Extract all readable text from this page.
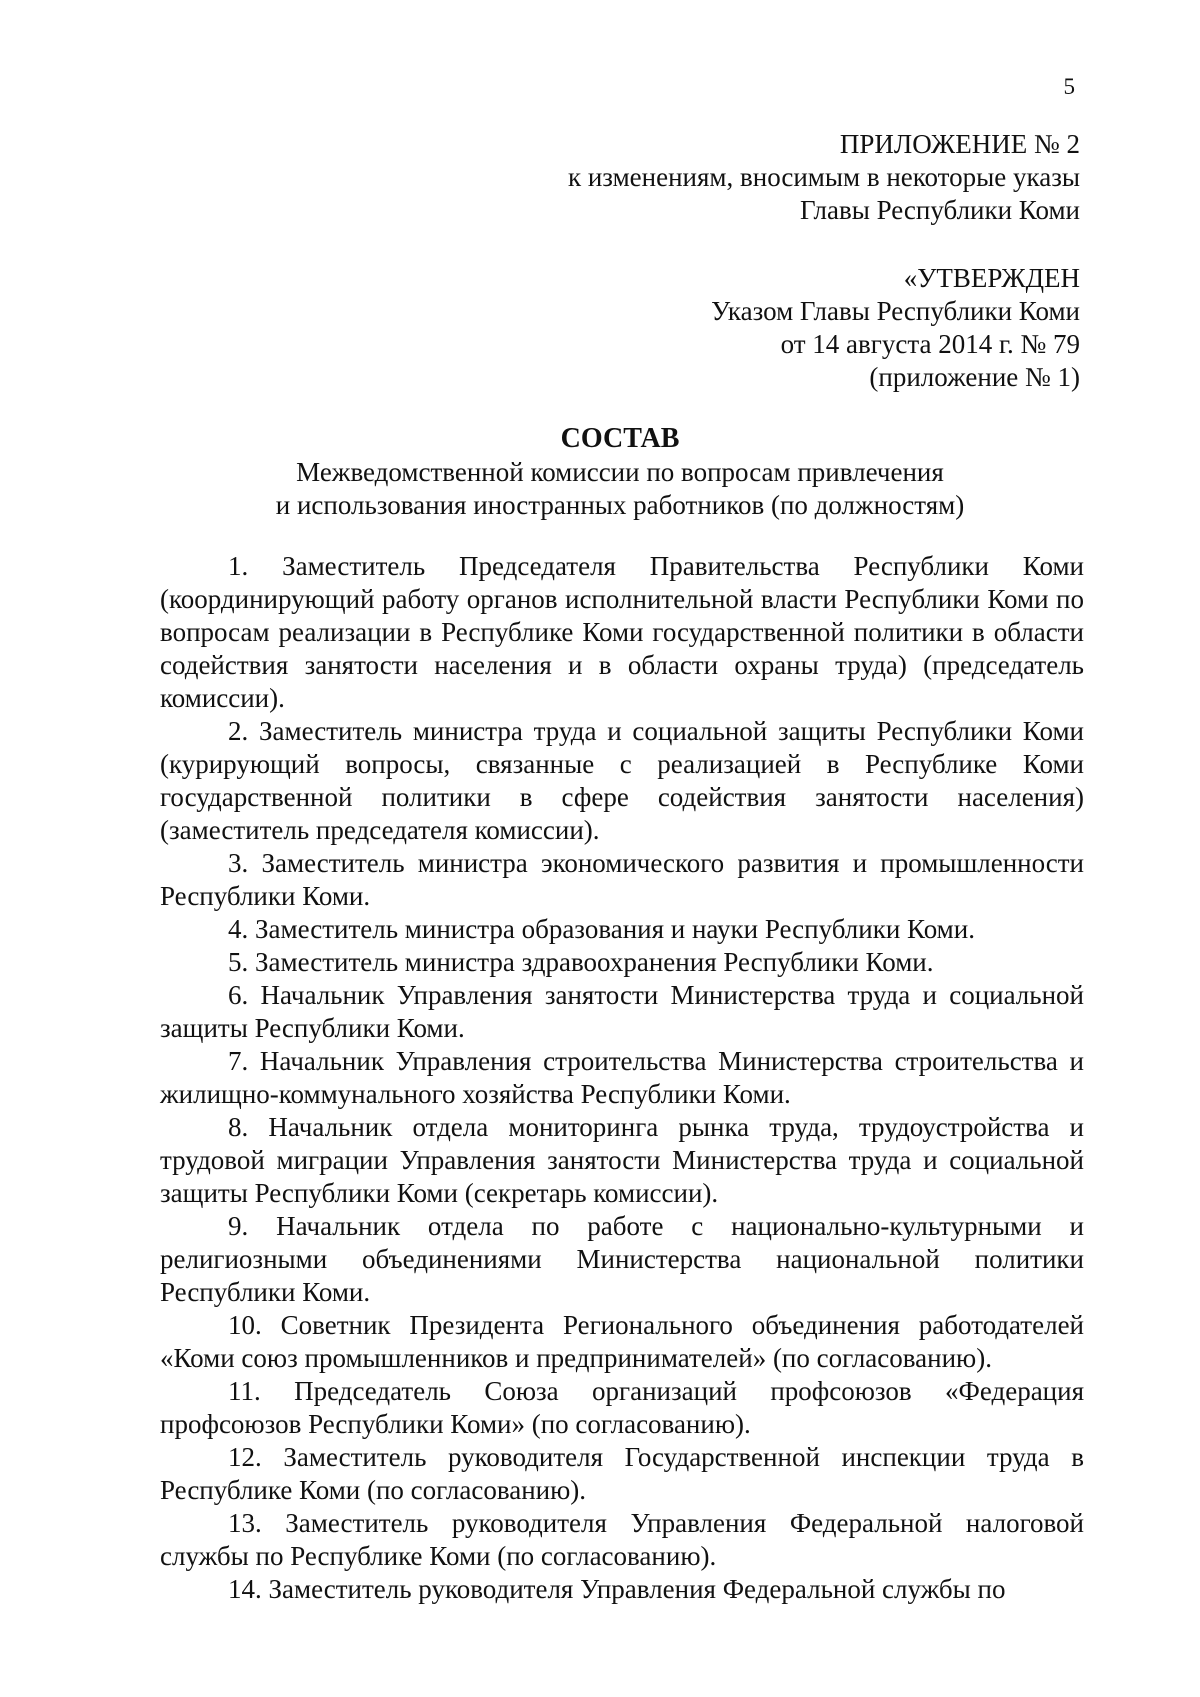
5
ПРИЛОЖЕНИЕ № 2
к изменениям, вносимым в некоторые указы
Главы Республики Коми
«УТВЕРЖДЕН
Указом Главы Республики Коми
от 14 августа 2014 г. № 79
(приложение № 1)
СОСТАВ
Межведомственной комиссии по вопросам привлечения
и использования иностранных работников (по должностям)

1. Заместитель Председателя Правительства Республики Коми (координирующий работу органов исполнительной власти Республики Коми по вопросам реализации в Республике Коми государственной политики в области содействия занятости населения и в области охраны труда) (председатель комиссии).

2. Заместитель министра труда и социальной защиты Республики Коми (курирующий вопросы, связанные с реализацией в Республике Коми государственной политики в сфере содействия занятости населения) (заместитель председателя комиссии).

3. Заместитель министра экономического развития и промышленности Республики Коми.

4. Заместитель министра образования и науки Республики Коми.

5. Заместитель министра здравоохранения Республики Коми.

6. Начальник Управления занятости Министерства труда и социальной защиты Республики Коми.

7. Начальник Управления строительства Министерства строительства и жилищно-коммунального хозяйства Республики Коми.

8. Начальник отдела мониторинга рынка труда, трудоустройства и трудовой миграции Управления занятости Министерства труда и социальной защиты Республики Коми (секретарь комиссии).

9. Начальник отдела по работе с национально-культурными и религиозными объединениями Министерства национальной политики Республики Коми.

10. Советник Президента Регионального объединения работодателей «Коми союз промышленников и предпринимателей» (по согласованию).

11. Председатель Союза организаций профсоюзов «Федерация профсоюзов Республики Коми» (по согласованию).

12. Заместитель руководителя Государственной инспекции труда в Республике Коми (по согласованию).

13. Заместитель руководителя Управления Федеральной налоговой службы по Республике Коми (по согласованию).

14. Заместитель руководителя Управления Федеральной службы по
